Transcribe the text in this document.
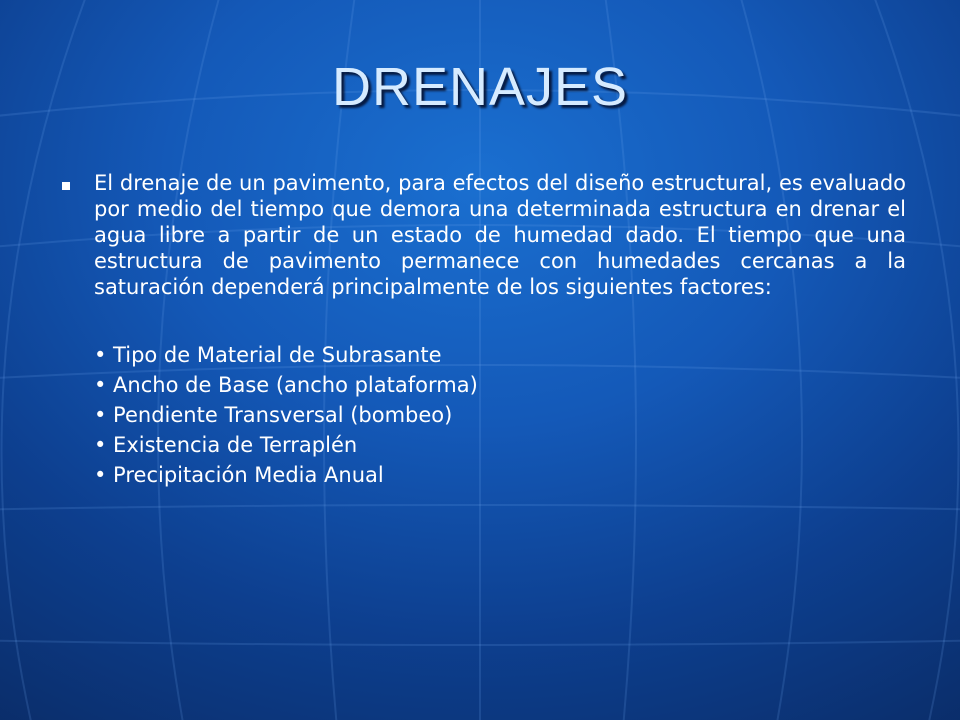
DRENAJES

El drenaje de un pavimento, para efectos del diseño estructural, es evaluado por medio del tiempo que demora una determinada estructura en drenar el agua libre a partir de un estado de humedad dado. El tiempo que una estructura de pavimento permanece con humedades cercanas a la saturación dependerá principalmente de los siguientes factores:

• Tipo de Material de Subrasante
• Ancho de Base (ancho plataforma)
• Pendiente Transversal (bombeo)
• Existencia de Terraplén
• Precipitación Media Anual
